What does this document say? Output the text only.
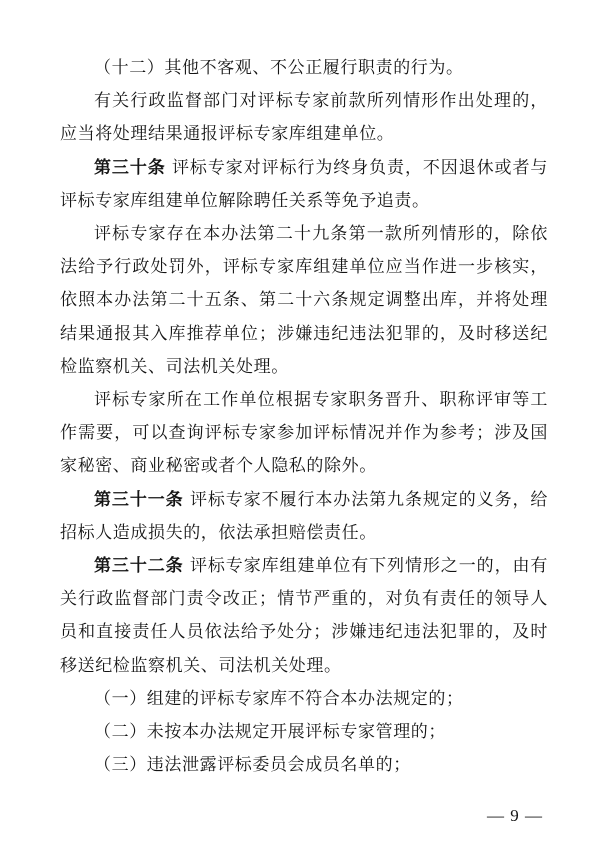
（十二）其他不客观、不公正履行职责的行为。

有关行政监督部门对评标专家前款所列情形作出处理的，应当将处理结果通报评标专家库组建单位。

第三十条 评标专家对评标行为终身负责，不因退休或者与评标专家库组建单位解除聘任关系等免予追责。

评标专家存在本办法第二十九条第一款所列情形的，除依法给予行政处罚外，评标专家库组建单位应当作进一步核实，依照本办法第二十五条、第二十六条规定调整出库，并将处理结果通报其入库推荐单位；涉嫌违纪违法犯罪的，及时移送纪检监察机关、司法机关处理。

评标专家所在工作单位根据专家职务晋升、职称评审等工作需要，可以查询评标专家参加评标情况并作为参考；涉及国家秘密、商业秘密或者个人隐私的除外。

第三十一条 评标专家不履行本办法第九条规定的义务，给招标人造成损失的，依法承担赔偿责任。

第三十二条 评标专家库组建单位有下列情形之一的，由有关行政监督部门责令改正；情节严重的，对负有责任的领导人员和直接责任人员依法给予处分；涉嫌违纪违法犯罪的，及时移送纪检监察机关、司法机关处理。

（一）组建的评标专家库不符合本办法规定的；

（二）未按本办法规定开展评标专家管理的；

（三）违法泄露评标委员会成员名单的；

— 9 —
